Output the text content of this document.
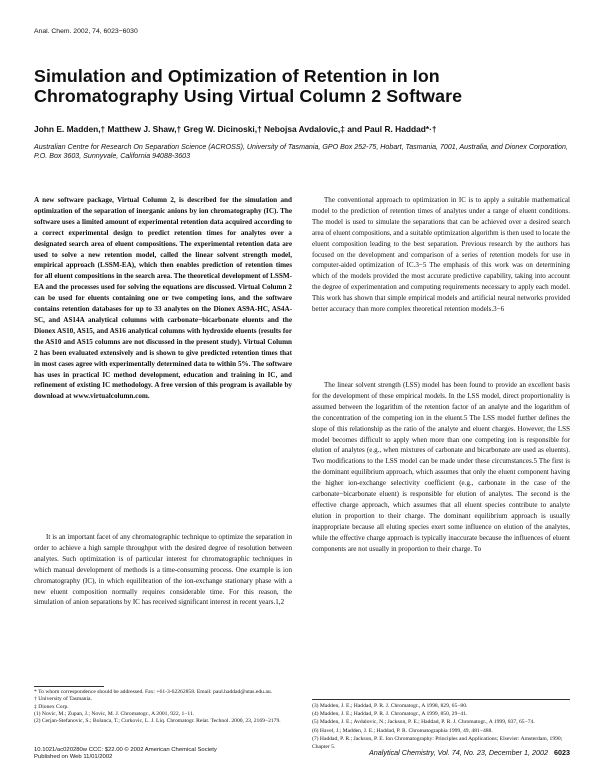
Anal. Chem. 2002, 74, 6023−6030
Simulation and Optimization of Retention in Ion Chromatography Using Virtual Column 2 Software
John E. Madden,† Matthew J. Shaw,† Greg W. Dicinoski,† Nebojsa Avdalovic,‡ and Paul R. Haddad*·†

Australian Centre for Research On Separation Science (ACROSS), University of Tasmania, GPO Box 252-75, Hobart, Tasmania, 7001, Australia, and Dionex Corporation, P.O. Box 3603, Sunnyvale, California 94088-3603

A new software package, Virtual Column 2, is described for the simulation and optimization of the separation of inorganic anions by ion chromatography (IC). The software uses a limited amount of experimental retention data acquired according to a correct experimental design to predict retention times for analytes over a designated search area of eluent compositions. The experimental retention data are used to solve a new retention model, called the linear solvent strength model, empirical approach (LSSM-EA), which then enables prediction of retention times for all eluent compositions in the search area. The theoretical development of LSSM-EA and the processes used for solving the equations are discussed. Virtual Column 2 can be used for eluents containing one or two competing ions, and the software contains retention databases for up to 33 analytes on the Dionex AS9A-HC, AS4A-SC, and AS14A analytical columns with carbonate−bicarbonate eluents and the Dionex AS10, AS15, and AS16 analytical columns with hydroxide eluents (results for the AS10 and AS15 columns are not discussed in the present study). Virtual Column 2 has been evaluated extensively and is shown to give predicted retention times that in most cases agree with experimentally determined data to within 5%. The software has uses in practical IC method development, education and training in IC, and refinement of existing IC methodology. A free version of this program is available by download at www.virtualcolumn.com.

It is an important facet of any chromatographic technique to optimize the separation in order to achieve a high sample throughput with the desired degree of resolution between analytes. Such optimization is of particular interest for chromatographic techniques in which manual development of methods is a time-consuming process. One example is ion chromatography (IC), in which equilibration of the ion-exchange stationary phase with a new eluent composition normally requires considerable time. For this reason, the simulation of anion separations by IC has received significant interest in recent years.1,2

The conventional approach to optimization in IC is to apply a suitable mathematical model to the prediction of retention times of analytes under a range of eluent conditions. The model is used to simulate the separations that can be achieved over a desired search area of eluent compositions, and a suitable optimization algorithm is then used to locate the eluent composition leading to the best separation. Previous research by the authors has focused on the development and comparison of a series of retention models for use in computer-aided optimization of IC.3−5 The emphasis of this work was on determining which of the models provided the most accurate predictive capability, taking into account the degree of experimentation and computing requirements necessary to apply each model. This work has shown that simple empirical models and artificial neural networks provided better accuracy than more complex theoretical retention models.3−6

The linear solvent strength (LSS) model has been found to provide an excellent basis for the development of these empirical models. In the LSS model, direct proportionality is assumed between the logarithm of the retention factor of an analyte and the logarithm of the concentration of the competing ion in the eluent.5 The LSS model further defines the slope of this relationship as the ratio of the analyte and eluent charges. However, the LSS model becomes difficult to apply when more than one competing ion is responsible for elution of analytes (e.g., when mixtures of carbonate and bicarbonate are used as eluents). Two modifications to the LSS model can be made under these circumstances.5 The first is the dominant equilibrium approach, which assumes that only the eluent component having the higher ion-exchange selectivity coefficient (e.g., carbonate in the case of the carbonate−bicarbonate eluent) is responsible for elution of analytes. The second is the effective charge approach, which assumes that all eluent species contribute to analyte elution in proportion to their charge. The dominant equilibrium approach is usually inappropriate because all eluting species exert some influence on elution of the analytes, while the effective charge approach is typically inaccurate because the influences of eluent components are not usually in proportion to their charge. To

* To whom correspondence should be addressed. Fax: +61-3-62262858. Email: paul.haddad@utas.edu.au.

† University of Tasmania.

‡ Dionex Corp.

(1) Novic, M.; Zupan, J.; Novic, M. J. Chromatogr., A 2001, 922, 1−11.

(2) Cerjan-Stefanovic, S.; Bolanca, T.; Curkovic, L. J. Liq. Chromatogr. Relat. Technol. 2000, 23, 2169−2179.

(3) Madden, J. E.; Haddad, P. R. J. Chromatogr., A 1998, 829, 65−80.

(4) Madden, J. E.; Haddad, P. R. J. Chromatogr., A 1999, 850, 29−41.

(5) Madden, J. E.; Avdalovic, N.; Jackson, P. E.; Haddad, P. R. J. Chromatogr., A 1999, 837, 65−74.

(6) Havel, J.; Madden, J. E.; Haddad, P. R. Chromatographia 1999, 49, 481−488.

(7) Haddad, P. R.; Jackson, P. E. Ion Chromatography: Principles and Applications; Elsevier: Amsterdam, 1990; Chapter 5.

10.1021/ac020280w CCC: $22.00 © 2002 American Chemical Society
Published on Web 11/01/2002
Analytical Chemistry, Vol. 74, No. 23, December 1, 2002 6023
